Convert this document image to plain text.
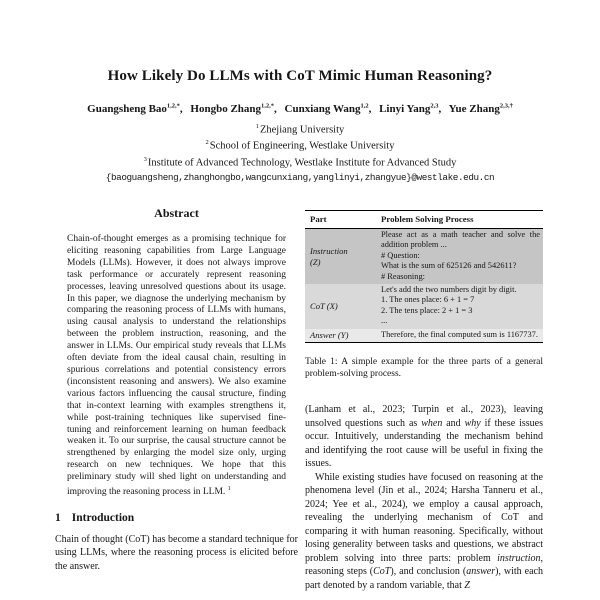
How Likely Do LLMs with CoT Mimic Human Reasoning?
Guangsheng Bao$^{1,2,*}$, Hongbo Zhang$^{1,2,*}$, Cunxiang Wang$^{1,2}$, Linyi Yang$^{2,3}$, Yue Zhang$^{2,3,\dagger}$
$^1$Zhejiang University
$^2$School of Engineering, Westlake University
$^3$Institute of Advanced Technology, Westlake Institute for Advanced Study
{baoguangsheng,zhanghongbo,wangcunxiang,yanglinyi,zhangyue}@westlake.edu.cn
Abstract

Chain-of-thought emerges as a promising technique for eliciting reasoning capabilities from Large Language Models (LLMs). However, it does not always improve task performance or accurately represent reasoning processes, leaving unresolved questions about its usage. In this paper, we diagnose the underlying mechanism by comparing the reasoning process of LLMs with humans, using causal analysis to understand the relationships between the problem instruction, reasoning, and the answer in LLMs. Our empirical study reveals that LLMs often deviate from the ideal causal chain, resulting in spurious correlations and potential consistency errors (inconsistent reasoning and answers). We also examine various factors influencing the causal structure, finding that in-context learning with examples strengthens it, while post-training techniques like supervised fine-tuning and reinforcement learning on human feedback weaken it. To our surprise, the causal structure cannot be strengthened by enlarging the model size only, urging research on new techniques. We hope that this preliminary study will shed light on understanding and improving the reasoning process in LLM. $^1$

1 Introduction

Chain of thought (CoT) has become a standard technique for using LLMs, where the reasoning process is elicited before the answer.

Part	Problem Solving Process
Instruction
(Z)
Please act as a math teacher and solve the addition problem ...
# Question:
What is the sum of 625126 and 542611?
# Reasoning:
CoT (X)
Let's add the two numbers digit by digit.
1. The ones place: 6 + 1 = 7
2. The tens place: 2 + 1 = 3
...
Answer (Y)	Therefore, the final computed sum is 1167737.

Table 1: A simple example for the three parts of a general problem-solving process.

(Lanham et al., 2023; Turpin et al., 2023), leaving unsolved questions such as when and why if these issues occur. Intuitively, understanding the mechanism behind and identifying the root cause will be useful in fixing the issues.

While existing studies have focused on reasoning at the phenomena level (Jin et al., 2024; Harsha Tanneru et al., 2024; Yee et al., 2024), we employ a causal approach, revealing the underlying mechanism of CoT and comparing it with human reasoning. Specifically, without losing generality between tasks and questions, we abstract problem solving into three parts: problem instruction, reasoning steps (CoT), and conclusion (answer), with each part denoted by a random variable, that Z
